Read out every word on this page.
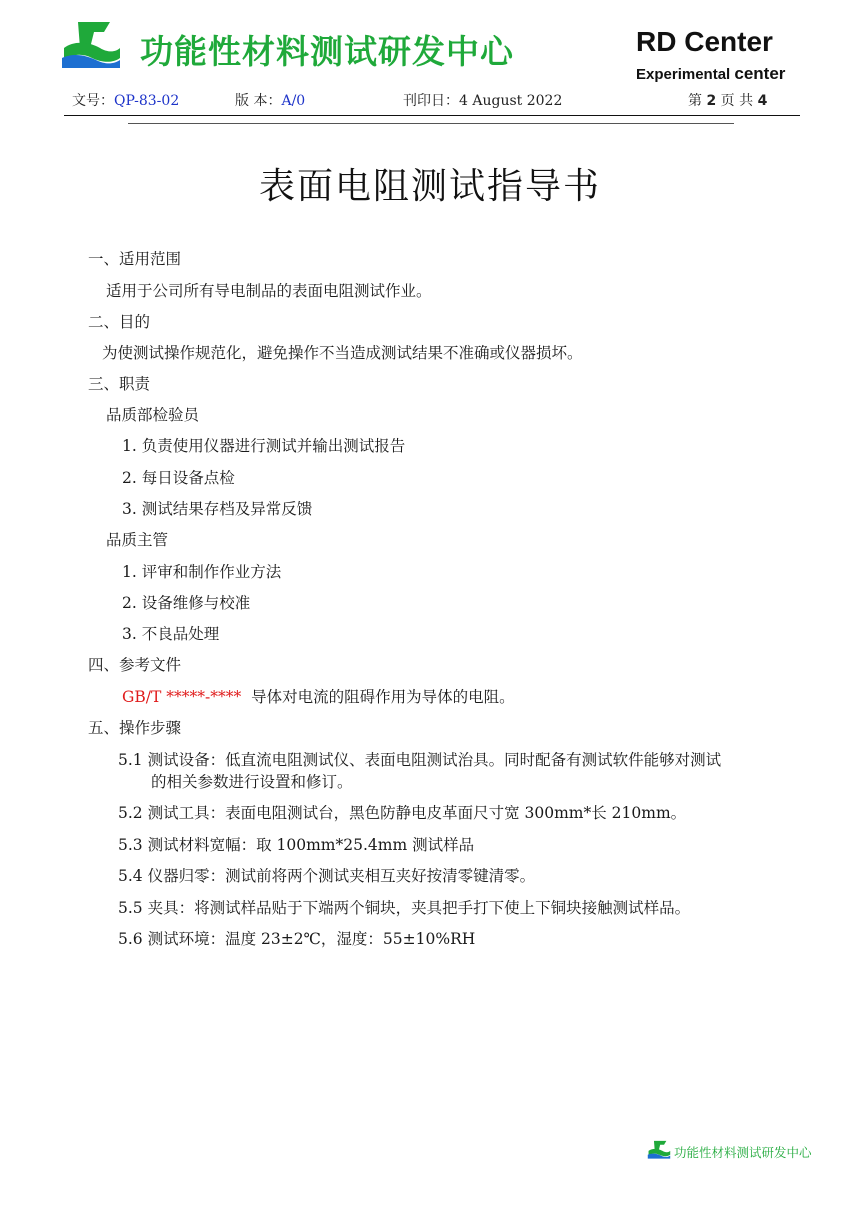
功能性材料测试研发中心	RD Center
Experimental center
文号：QP-83-02	版 本：A/0	刊印日：4 August 2022	第 2 页 共 4
表面电阻测试指导书
一、适用范围
适用于公司所有导电制品的表面电阻测试作业。
二、目的
为使测试操作规范化，避免操作不当造成测试结果不准确或仪器损坏。
三、职责
品质部检验员
1. 负责使用仪器进行测试并输出测试报告
2. 每日设备点检
3. 测试结果存档及异常反馈
品质主管
1. 评审和制作作业方法
2. 设备维修与校准
3. 不良品处理
四、参考文件
GB/T *****-**** 导体对电流的阻碍作用为导体的电阻。
五、操作步骤
5.1 测试设备：低直流电阻测试仪、表面电阻测试治具。同时配备有测试软件能够对测试
的相关参数进行设置和修订。
5.2 测试工具：表面电阻测试台，黑色防静电皮革面尺寸宽 300mm*长 210mm。
5.3 测试材料宽幅：取 100mm*25.4mm 测试样品
5.4 仪器归零：测试前将两个测试夹相互夹好按清零键清零。
5.5 夹具：将测试样品贴于下端两个铜块，夹具把手打下使上下铜块接触测试样品。
5.6 测试环境：温度 23±2℃，湿度：55±10%RH
功能性材料测试研发中心
